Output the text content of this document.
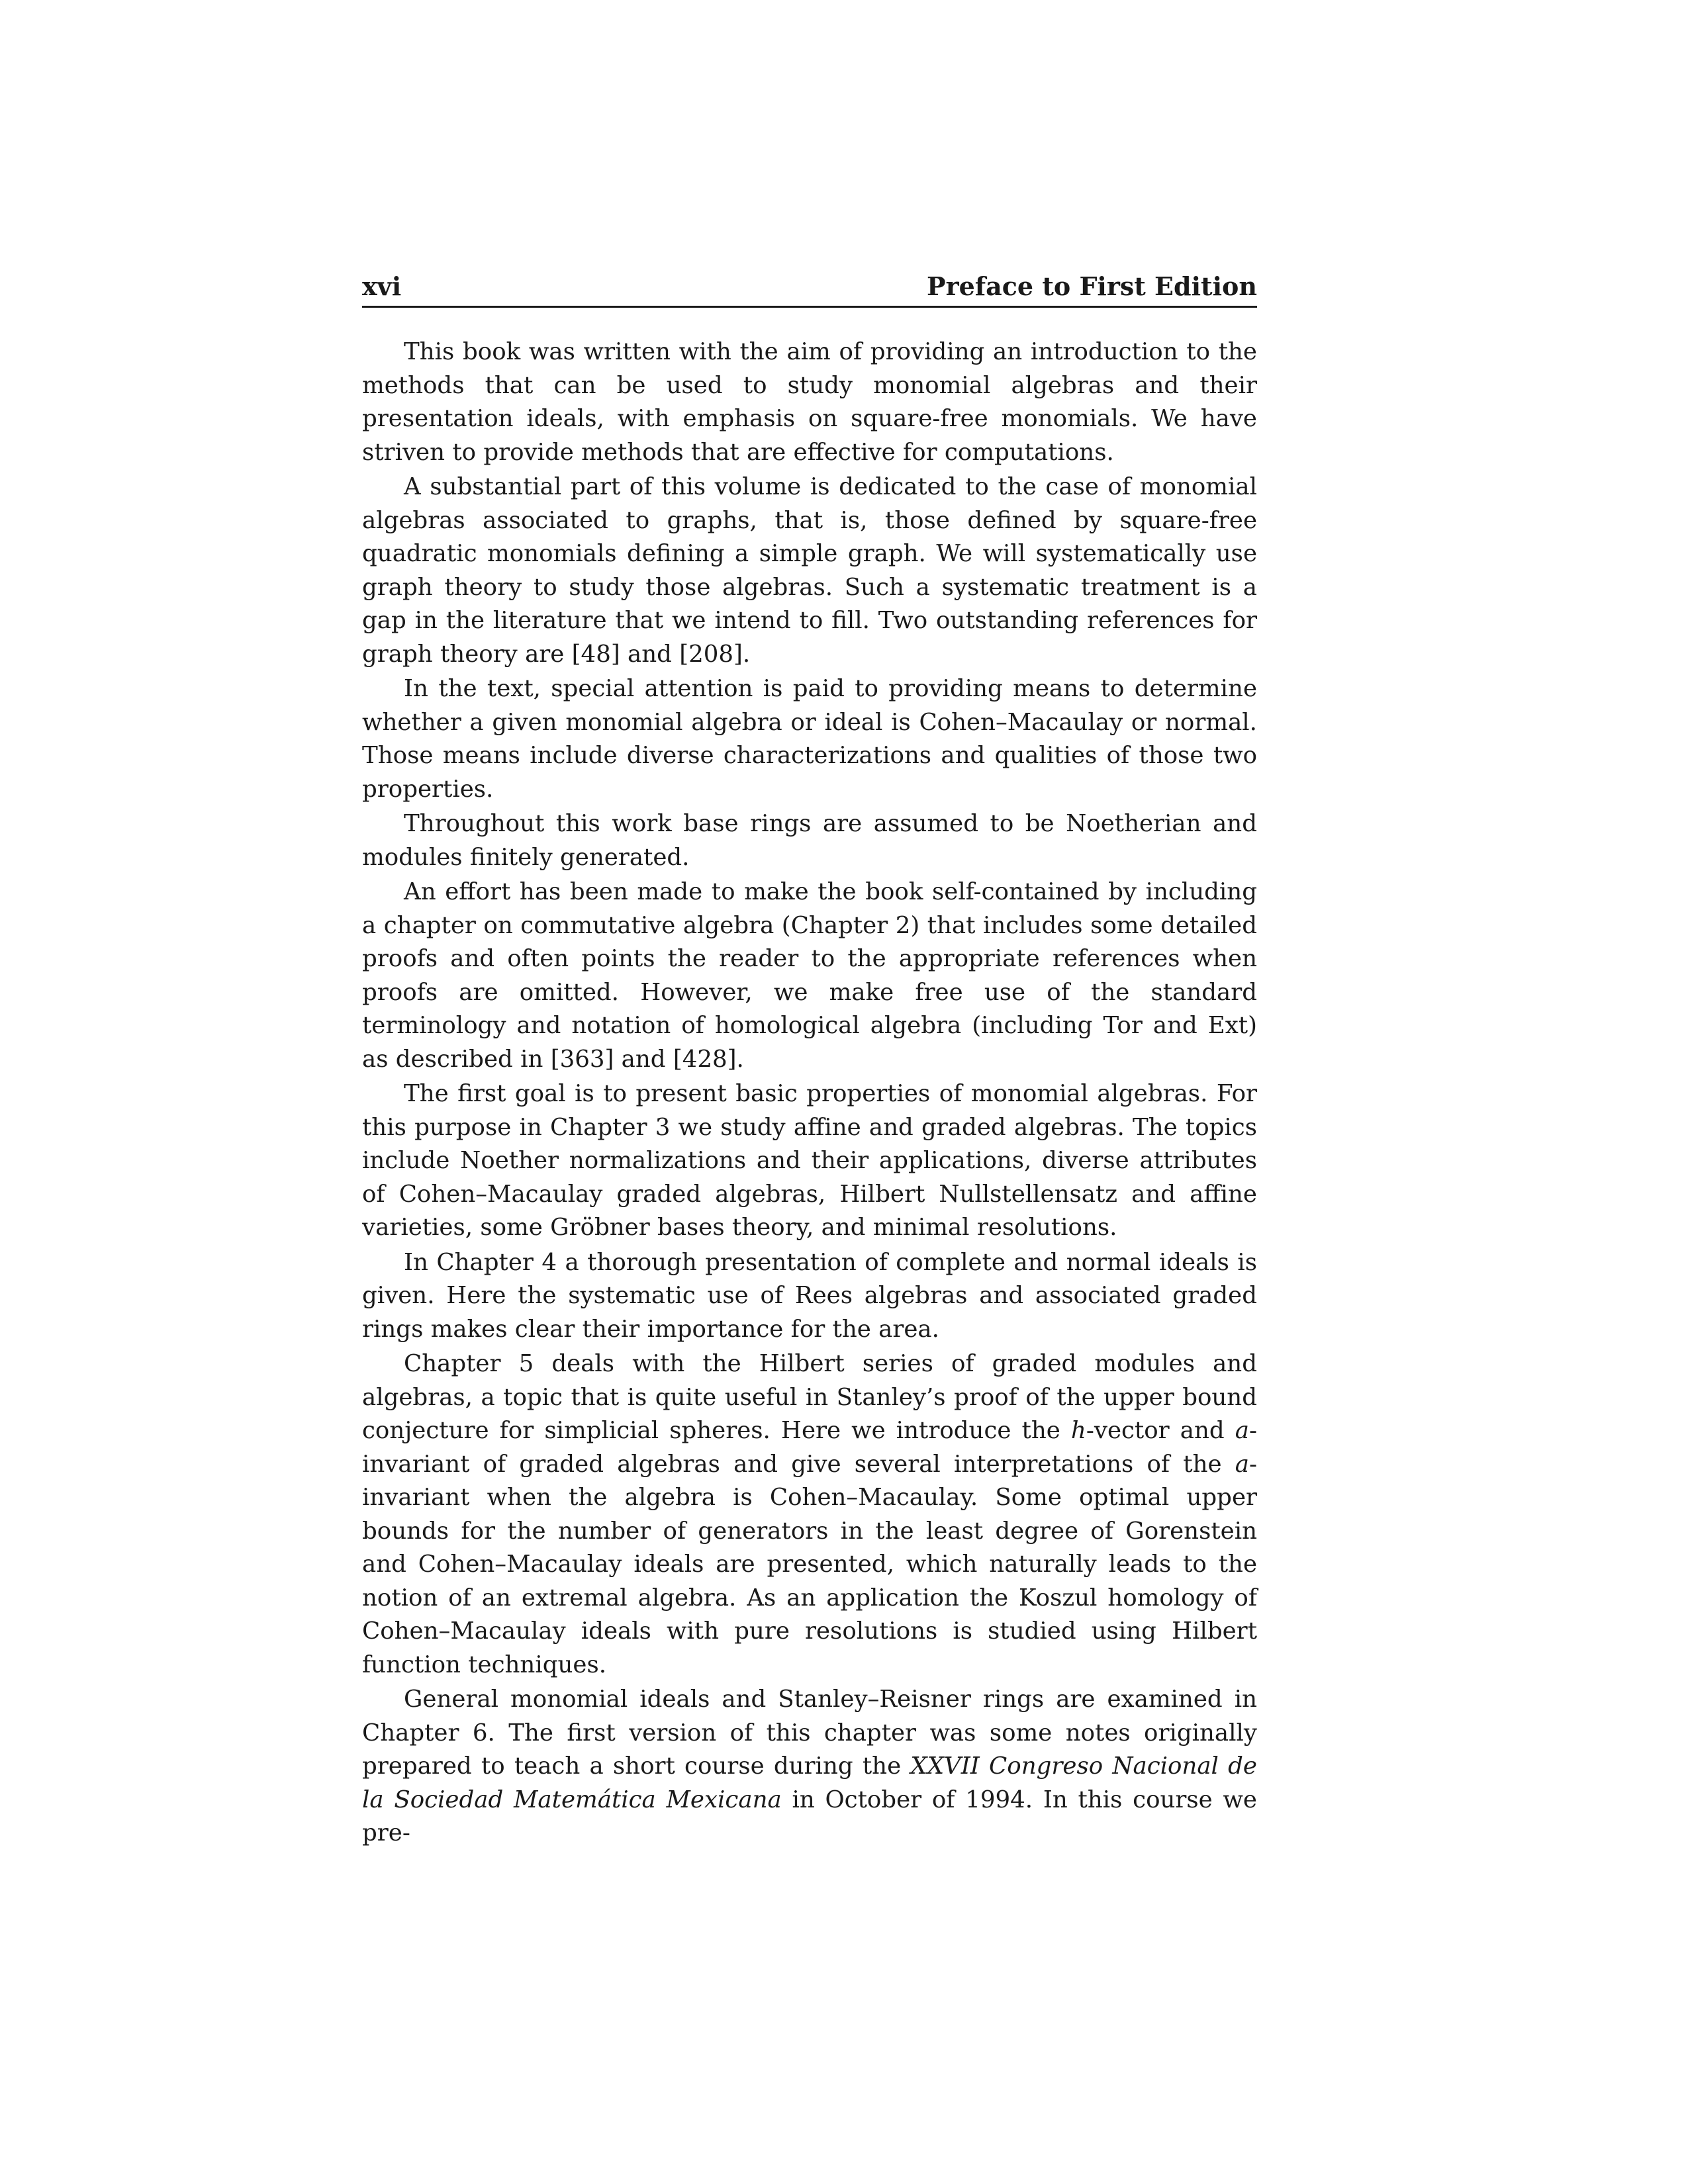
xvi	Preface to First Edition

This book was written with the aim of providing an introduction to the methods that can be used to study monomial algebras and their presentation ideals, with emphasis on square-free monomials. We have striven to provide methods that are effective for computations.

A substantial part of this volume is dedicated to the case of monomial algebras associated to graphs, that is, those defined by square-free quadratic monomials defining a simple graph. We will systematically use graph theory to study those algebras. Such a systematic treatment is a gap in the literature that we intend to fill. Two outstanding references for graph theory are [48] and [208].

In the text, special attention is paid to providing means to determine whether a given monomial algebra or ideal is Cohen–Macaulay or normal. Those means include diverse characterizations and qualities of those two properties.

Throughout this work base rings are assumed to be Noetherian and modules finitely generated.

An effort has been made to make the book self-contained by including a chapter on commutative algebra (Chapter 2) that includes some detailed proofs and often points the reader to the appropriate references when proofs are omitted. However, we make free use of the standard terminology and notation of homological algebra (including Tor and Ext) as described in [363] and [428].

The first goal is to present basic properties of monomial algebras. For this purpose in Chapter 3 we study affine and graded algebras. The topics include Noether normalizations and their applications, diverse attributes of Cohen–Macaulay graded algebras, Hilbert Nullstellensatz and affine varieties, some Gröbner bases theory, and minimal resolutions.

In Chapter 4 a thorough presentation of complete and normal ideals is given. Here the systematic use of Rees algebras and associated graded rings makes clear their importance for the area.

Chapter 5 deals with the Hilbert series of graded modules and algebras, a topic that is quite useful in Stanley’s proof of the upper bound conjecture for simplicial spheres. Here we introduce the h-vector and a-invariant of graded algebras and give several interpretations of the a-invariant when the algebra is Cohen–Macaulay. Some optimal upper bounds for the number of generators in the least degree of Gorenstein and Cohen–Macaulay ideals are presented, which naturally leads to the notion of an extremal algebra. As an application the Koszul homology of Cohen–Macaulay ideals with pure resolutions is studied using Hilbert function techniques.

General monomial ideals and Stanley–Reisner rings are examined in Chapter 6. The first version of this chapter was some notes originally prepared to teach a short course during the XXVII Congreso Nacional de la Sociedad Matemática Mexicana in October of 1994. In this course we pre-
